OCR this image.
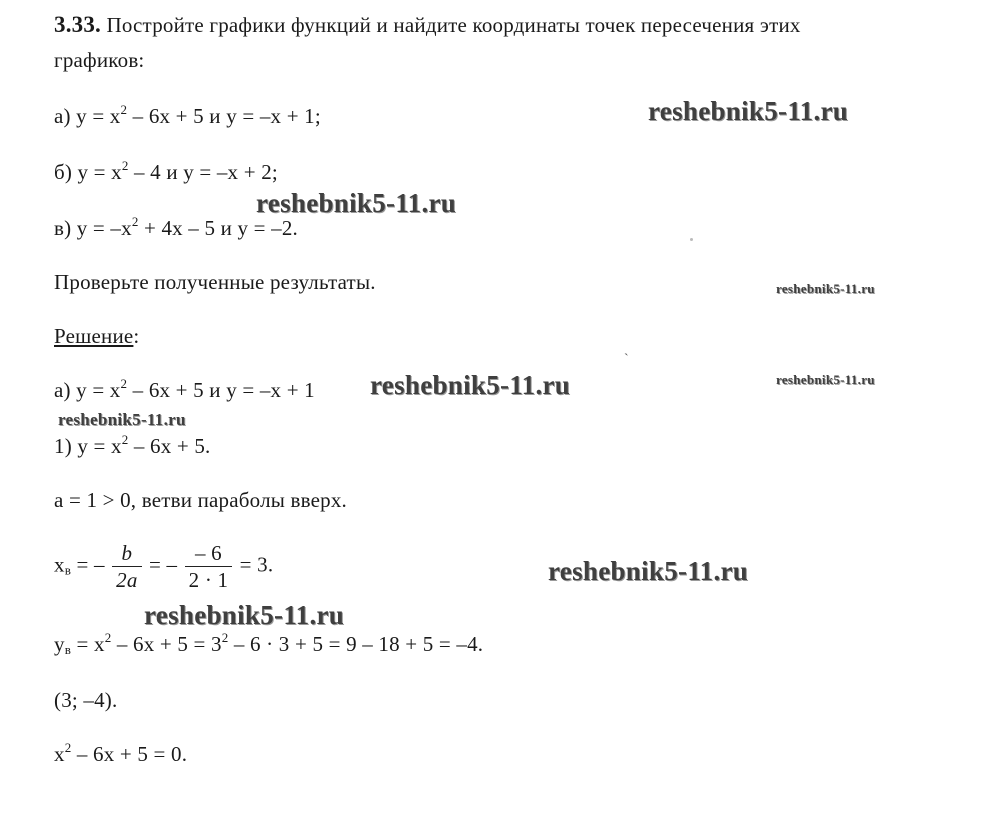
3.33. Постройте графики функций и найдите координаты точек пересечения этих
графиков:
а) $y = x^2 - 6x + 5$ и y = –x + 1;
б) $y = x^2 - 4$ и y = –x + 2;
в) $y = -x^2 + 4x - 5$ и y = –2.
Проверьте полученные результаты.
Решение:
а) $y = x^2 - 6x + 5$ и y = –x + 1
1) $y = x^2 - 6x + 5$.
a = 1 > 0, ветви параболы вверх.
$x_в$ = – $\frac{b}{2a}$ = – $\frac{- 6}{2 \cdot 1} = 3$.
$y_в = x^2 - 6x + 5 = 3^2 - 6 \cdot 3 + 5 = 9 - 18 + 5 = -4$.
(3; –4).
$x^2 - 6x + 5 = 0$.
reshebnik5-11.ru
reshebnik5-11.ru
reshebnik5-11.ru
reshebnik5-11.ru	reshebnik5-11.ru
reshebnik5-11.ru
reshebnik5-11.ru
reshebnik5-11.ru
`
